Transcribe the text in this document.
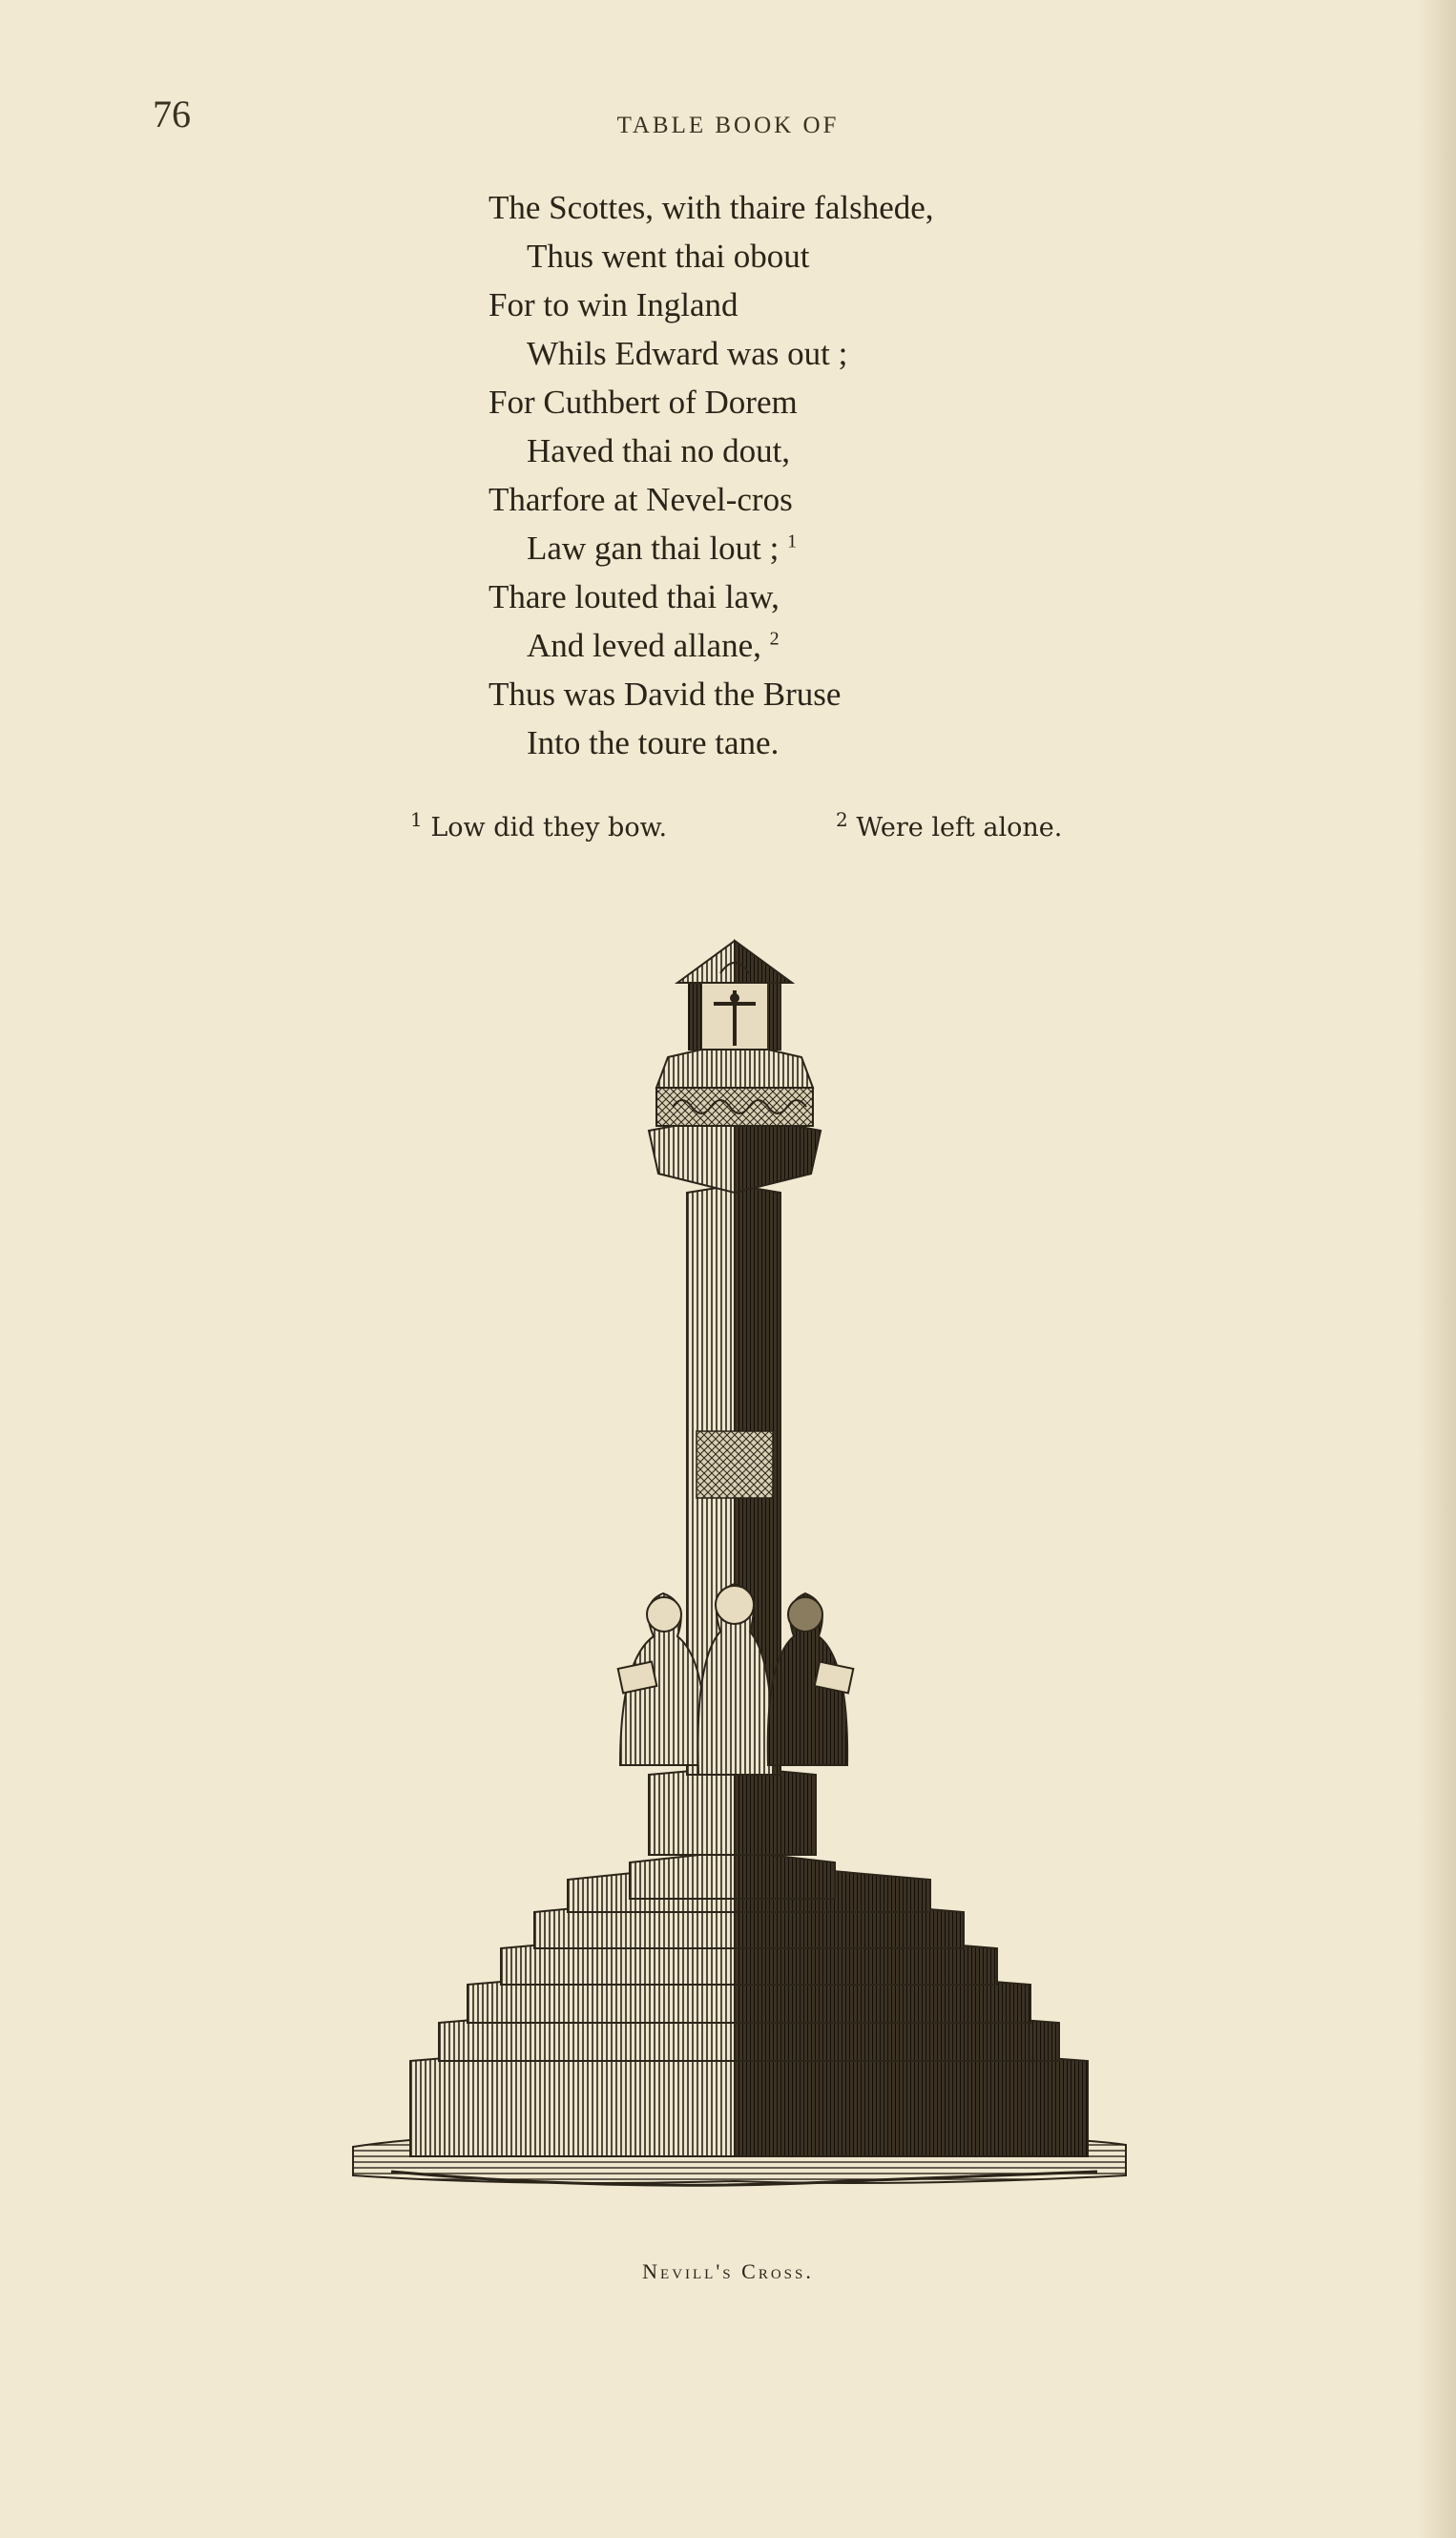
76	TABLE BOOK OF
The Scottes, with thaire falshede,
Thus went thai obout
For to win Ingland
Whils Edward was out ;
For Cuthbert of Dorem
Haved thai no dout,
Tharfore at Nevel-cros
Law gan thai lout ; $^1$
Thare louted thai law,
And leved allane, $^2$
Thus was David the Bruse
Into the toure tane.
$^1$ Low did they bow.	$^2$ Were left alone.
Nevill's Cross.
